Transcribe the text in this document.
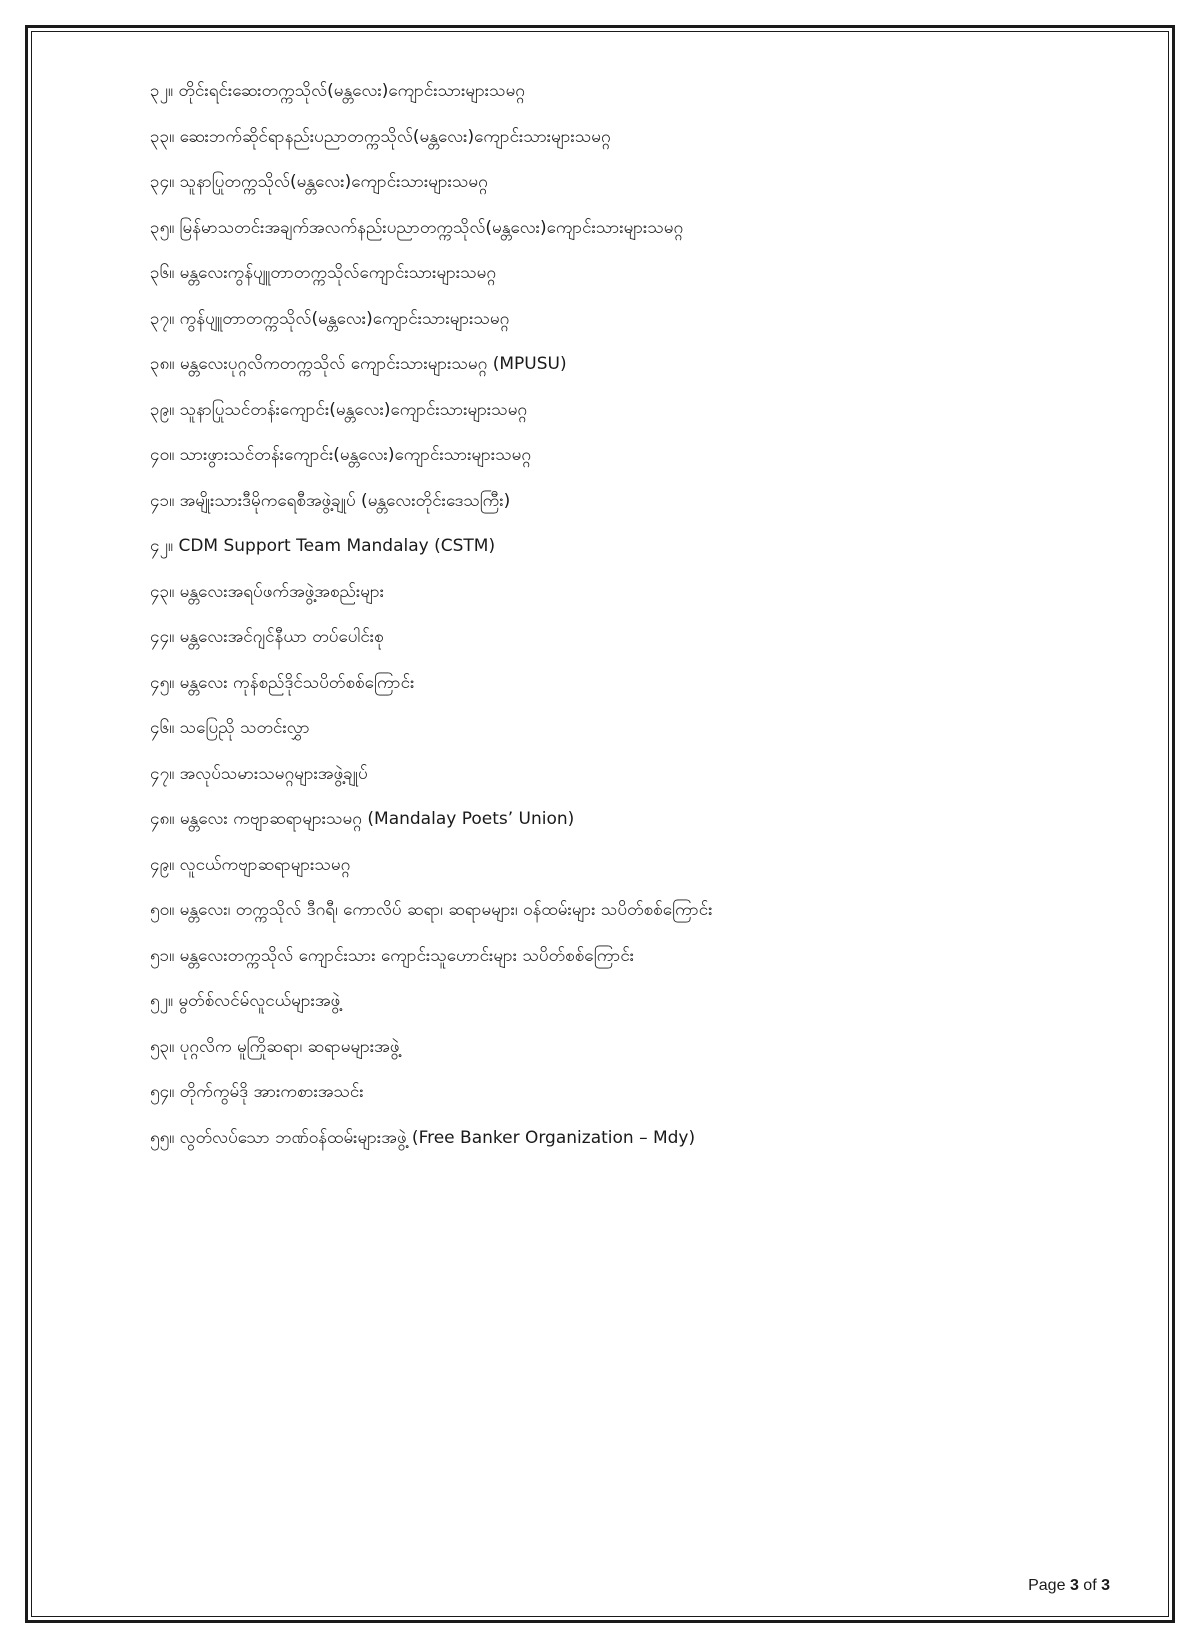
၃၂။ တိုင်းရင်းဆေးတက္ကသိုလ်(မန္တလေး)ကျောင်းသားများသမဂ္ဂ
၃၃။ ဆေးဘက်ဆိုင်ရာနည်းပညာတက္ကသိုလ်(မန္တလေး)ကျောင်းသားများသမဂ္ဂ
၃၄။ သူနာပြုတက္ကသိုလ်(မန္တလေး)ကျောင်းသားများသမဂ္ဂ
၃၅။ မြန်မာသတင်းအချက်အလက်နည်းပညာတက္ကသိုလ်(မန္တလေး)ကျောင်းသားများသမဂ္ဂ
၃၆။ မန္တလေးကွန်ပျူတာတက္ကသိုလ်ကျောင်းသားများသမဂ္ဂ
၃၇။ ကွန်ပျူတာတက္ကသိုလ်(မန္တလေး)ကျောင်းသားများသမဂ္ဂ
၃၈။ မန္တလေးပုဂ္ဂလိကတက္ကသိုလ် ကျောင်းသားများသမဂ္ဂ (MPUSU)
၃၉။ သူနာပြုသင်တန်းကျောင်း(မန္တလေး)ကျောင်းသားများသမဂ္ဂ
၄၀။ သားဖွားသင်တန်းကျောင်း(မန္တလေး)ကျောင်းသားများသမဂ္ဂ
၄၁။ အမျိုးသားဒီမိုကရေစီအဖွဲ့ချုပ် (မန္တလေးတိုင်းဒေသကြီး)
၄၂။ CDM Support Team Mandalay (CSTM)
၄၃။ မန္တလေးအရပ်ဖက်အဖွဲ့အစည်းများ
၄၄။ မန္တလေးအင်ဂျင်နီယာ တပ်ပေါင်းစု
၄၅။ မန္တလေး ကုန်စည်ဒိုင်သပိတ်စစ်ကြောင်း
၄၆။ သပြေညို သတင်းလွှာ
၄၇။ အလုပ်သမားသမဂ္ဂများအဖွဲ့ချုပ်
၄၈။ မန္တလေး ကဗျာဆရာများသမဂ္ဂ (Mandalay Poets’ Union)
၄၉။ လူငယ်ကဗျာဆရာများသမဂ္ဂ
၅၀။ မန္တလေး၊ တက္ကသိုလ် ဒီဂရီ၊ ကောလိပ် ဆရာ၊ ဆရာမများ၊ ဝန်ထမ်းများ သပိတ်စစ်ကြောင်း
၅၁။ မန္တလေးတက္ကသိုလ် ကျောင်းသား ကျောင်းသူဟောင်းများ သပိတ်စစ်ကြောင်း
၅၂။ မွတ်စ်လင်မ်လူငယ်များအဖွဲ့
၅၃။ ပုဂ္ဂလိက မူကြိုဆရာ၊ ဆရာမများအဖွဲ့
၅၄။ တိုက်ကွမ်ဒို အားကစားအသင်း
၅၅။ လွတ်လပ်သော ဘဏ်ဝန်ထမ်းများအဖွဲ့ (Free Banker Organization – Mdy)
Page 3 of 3
